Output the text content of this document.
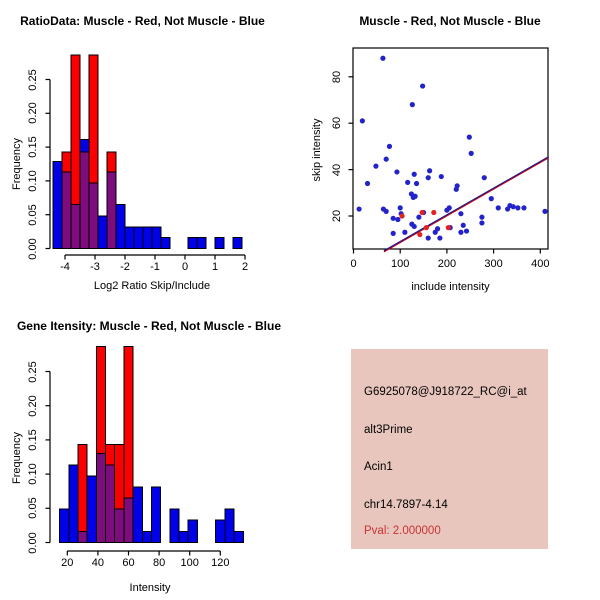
RatioData: Muscle - Red, Not Muscle - Blue
Frequency
Log2 Ratio Skip/Include
Muscle - Red, Not Muscle - Blue
skip intensity
include intensity
Gene Itensity: Muscle - Red, Not Muscle - Blue
Frequency
Intensity
G6925078@J918722_RC@i_at
alt3Prime
Acin1
chr14.7897-4.14
Pval: 2.000000
0.00
0.05
0.10
0.15
0.20
0.25
-4 -3 -2 -1 0 1 2	0	100	200	300	400
20
40
60
80
0.00
0.05
0.10
0.15
0.20
0.25
20 40 60 80 100 120
